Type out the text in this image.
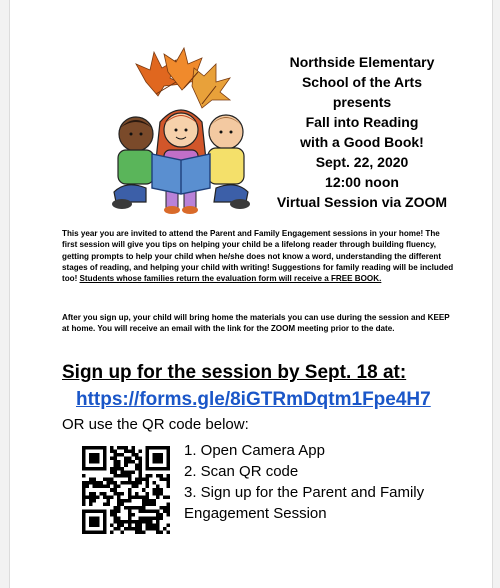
Northside Elementary
School of the Arts
presents
Fall into Reading
with a Good Book!
Sept. 22, 2020
12:00 noon
Virtual Session via ZOOM
This year you are invited to attend the Parent and Family Engagement sessions in your home! The first session will give you tips on helping your child be a lifelong reader through building fluency, getting prompts to help your child when he/she does not know a word, understanding the different stages of reading, and helping your child with writing! Suggestions for family reading will be included too! Students whose families return the evaluation form will receive a FREE BOOK.
After you sign up, your child will bring home the materials you can use during the session and KEEP at home. You will receive an email with the link for the ZOOM meeting prior to the date.
Sign up for the session by Sept. 18 at:
https://forms.gle/8iGTRmDqtm1Fpe4H7
OR use the QR code below:
1. Open Camera App
2. Scan QR code
3. Sign up for the Parent and Family
Engagement Session
